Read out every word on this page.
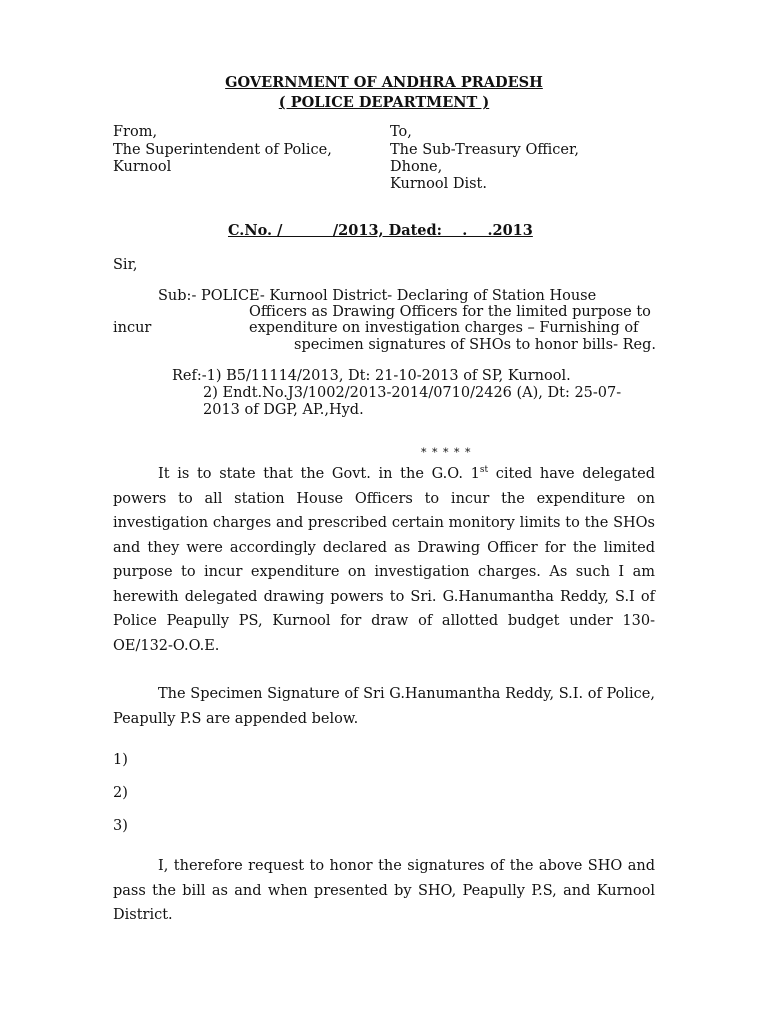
GOVERNMENT OF ANDHRA PRADESH
( POLICE DEPARTMENT )
From,
The Superintendent of Police,
Kurnool
To,
The Sub-Treasury Officer,
Dhone,
Kurnool Dist.
C.No. /          /2013, Dated:    .    .2013
Sir,
Sub:- POLICE- Kurnool District- Declaring of Station House
Officers as Drawing Officers for the limited purpose to
incur	expenditure on investigation charges – Furnishing of
specimen signatures of SHOs to honor bills- Reg.
Ref:-1) B5/11114/2013, Dt: 21-10-2013 of SP, Kurnool.
2) Endt.No.J3/1002/2013-2014/0710/2426 (A), Dt: 25-07-
2013 of DGP, AP.,Hyd.
* * * * *
It is to state that the Govt. in the G.O. 1st cited have delegated powers to all station House Officers to incur the expenditure on investigation charges and prescribed certain monitory limits to the SHOs and they were accordingly declared as Drawing Officer for the limited purpose to incur expenditure on investigation charges. As such I am herewith delegated drawing powers to Sri. G.Hanumantha Reddy, S.I of Police Peapully PS, Kurnool for draw of allotted budget under 130-OE/132-O.O.E.
The Specimen Signature of Sri G.Hanumantha Reddy, S.I. of Police, Peapully P.S are appended below.
1)
2)
3)
I, therefore request to honor the signatures of the above SHO and pass the bill as and when presented by SHO, Peapully P.S, and Kurnool District.
